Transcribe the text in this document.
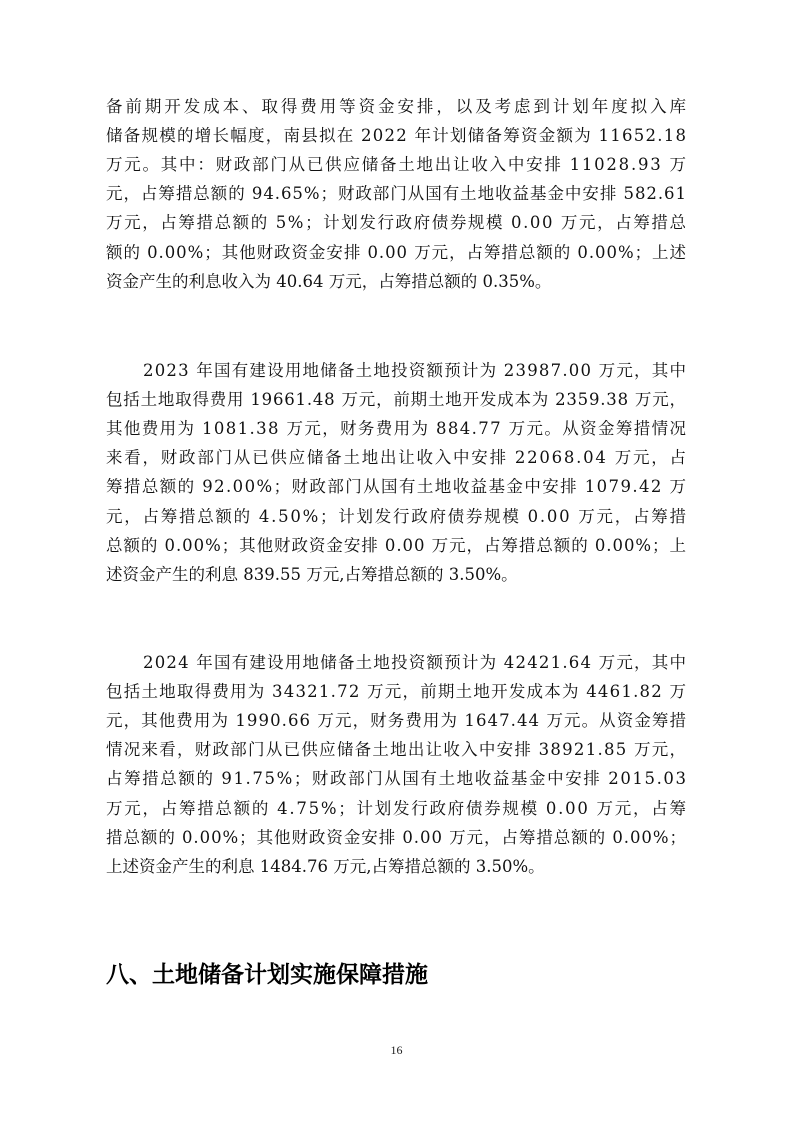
备前期开发成本、取得费用等资金安排，以及考虑到计划年度拟入库
储备规模的增长幅度，南县拟在 2022 年计划储备筹资金额为 11652.18
万元。其中：财政部门从已供应储备土地出让收入中安排 11028.93 万
元，占筹措总额的 94.65%；财政部门从国有土地收益基金中安排 582.61
万元，占筹措总额的 5%；计划发行政府债券规模 0.00 万元，占筹措总
额的 0.00%；其他财政资金安排 0.00 万元，占筹措总额的 0.00%；上述
资金产生的利息收入为 40.64 万元，占筹措总额的 0.35%。
2023 年国有建设用地储备土地投资额预计为 23987.00 万元，其中
包括土地取得费用 19661.48 万元，前期土地开发成本为 2359.38 万元，
其他费用为 1081.38 万元，财务费用为 884.77 万元。从资金筹措情况
来看，财政部门从已供应储备土地出让收入中安排 22068.04 万元，占
筹措总额的 92.00%；财政部门从国有土地收益基金中安排 1079.42 万
元，占筹措总额的 4.50%；计划发行政府债券规模 0.00 万元，占筹措
总额的 0.00%；其他财政资金安排 0.00 万元，占筹措总额的 0.00%；上
述资金产生的利息 839.55 万元,占筹措总额的 3.50%。
2024 年国有建设用地储备土地投资额预计为 42421.64 万元，其中
包括土地取得费用为 34321.72 万元，前期土地开发成本为 4461.82 万
元，其他费用为 1990.66 万元，财务费用为 1647.44 万元。从资金筹措
情况来看，财政部门从已供应储备土地出让收入中安排 38921.85 万元，
占筹措总额的 91.75%；财政部门从国有土地收益基金中安排 2015.03
万元，占筹措总额的 4.75%；计划发行政府债券规模 0.00 万元，占筹
措总额的 0.00%；其他财政资金安排 0.00 万元，占筹措总额的 0.00%；
上述资金产生的利息 1484.76 万元,占筹措总额的 3.50%。
八、土地储备计划实施保障措施
16
